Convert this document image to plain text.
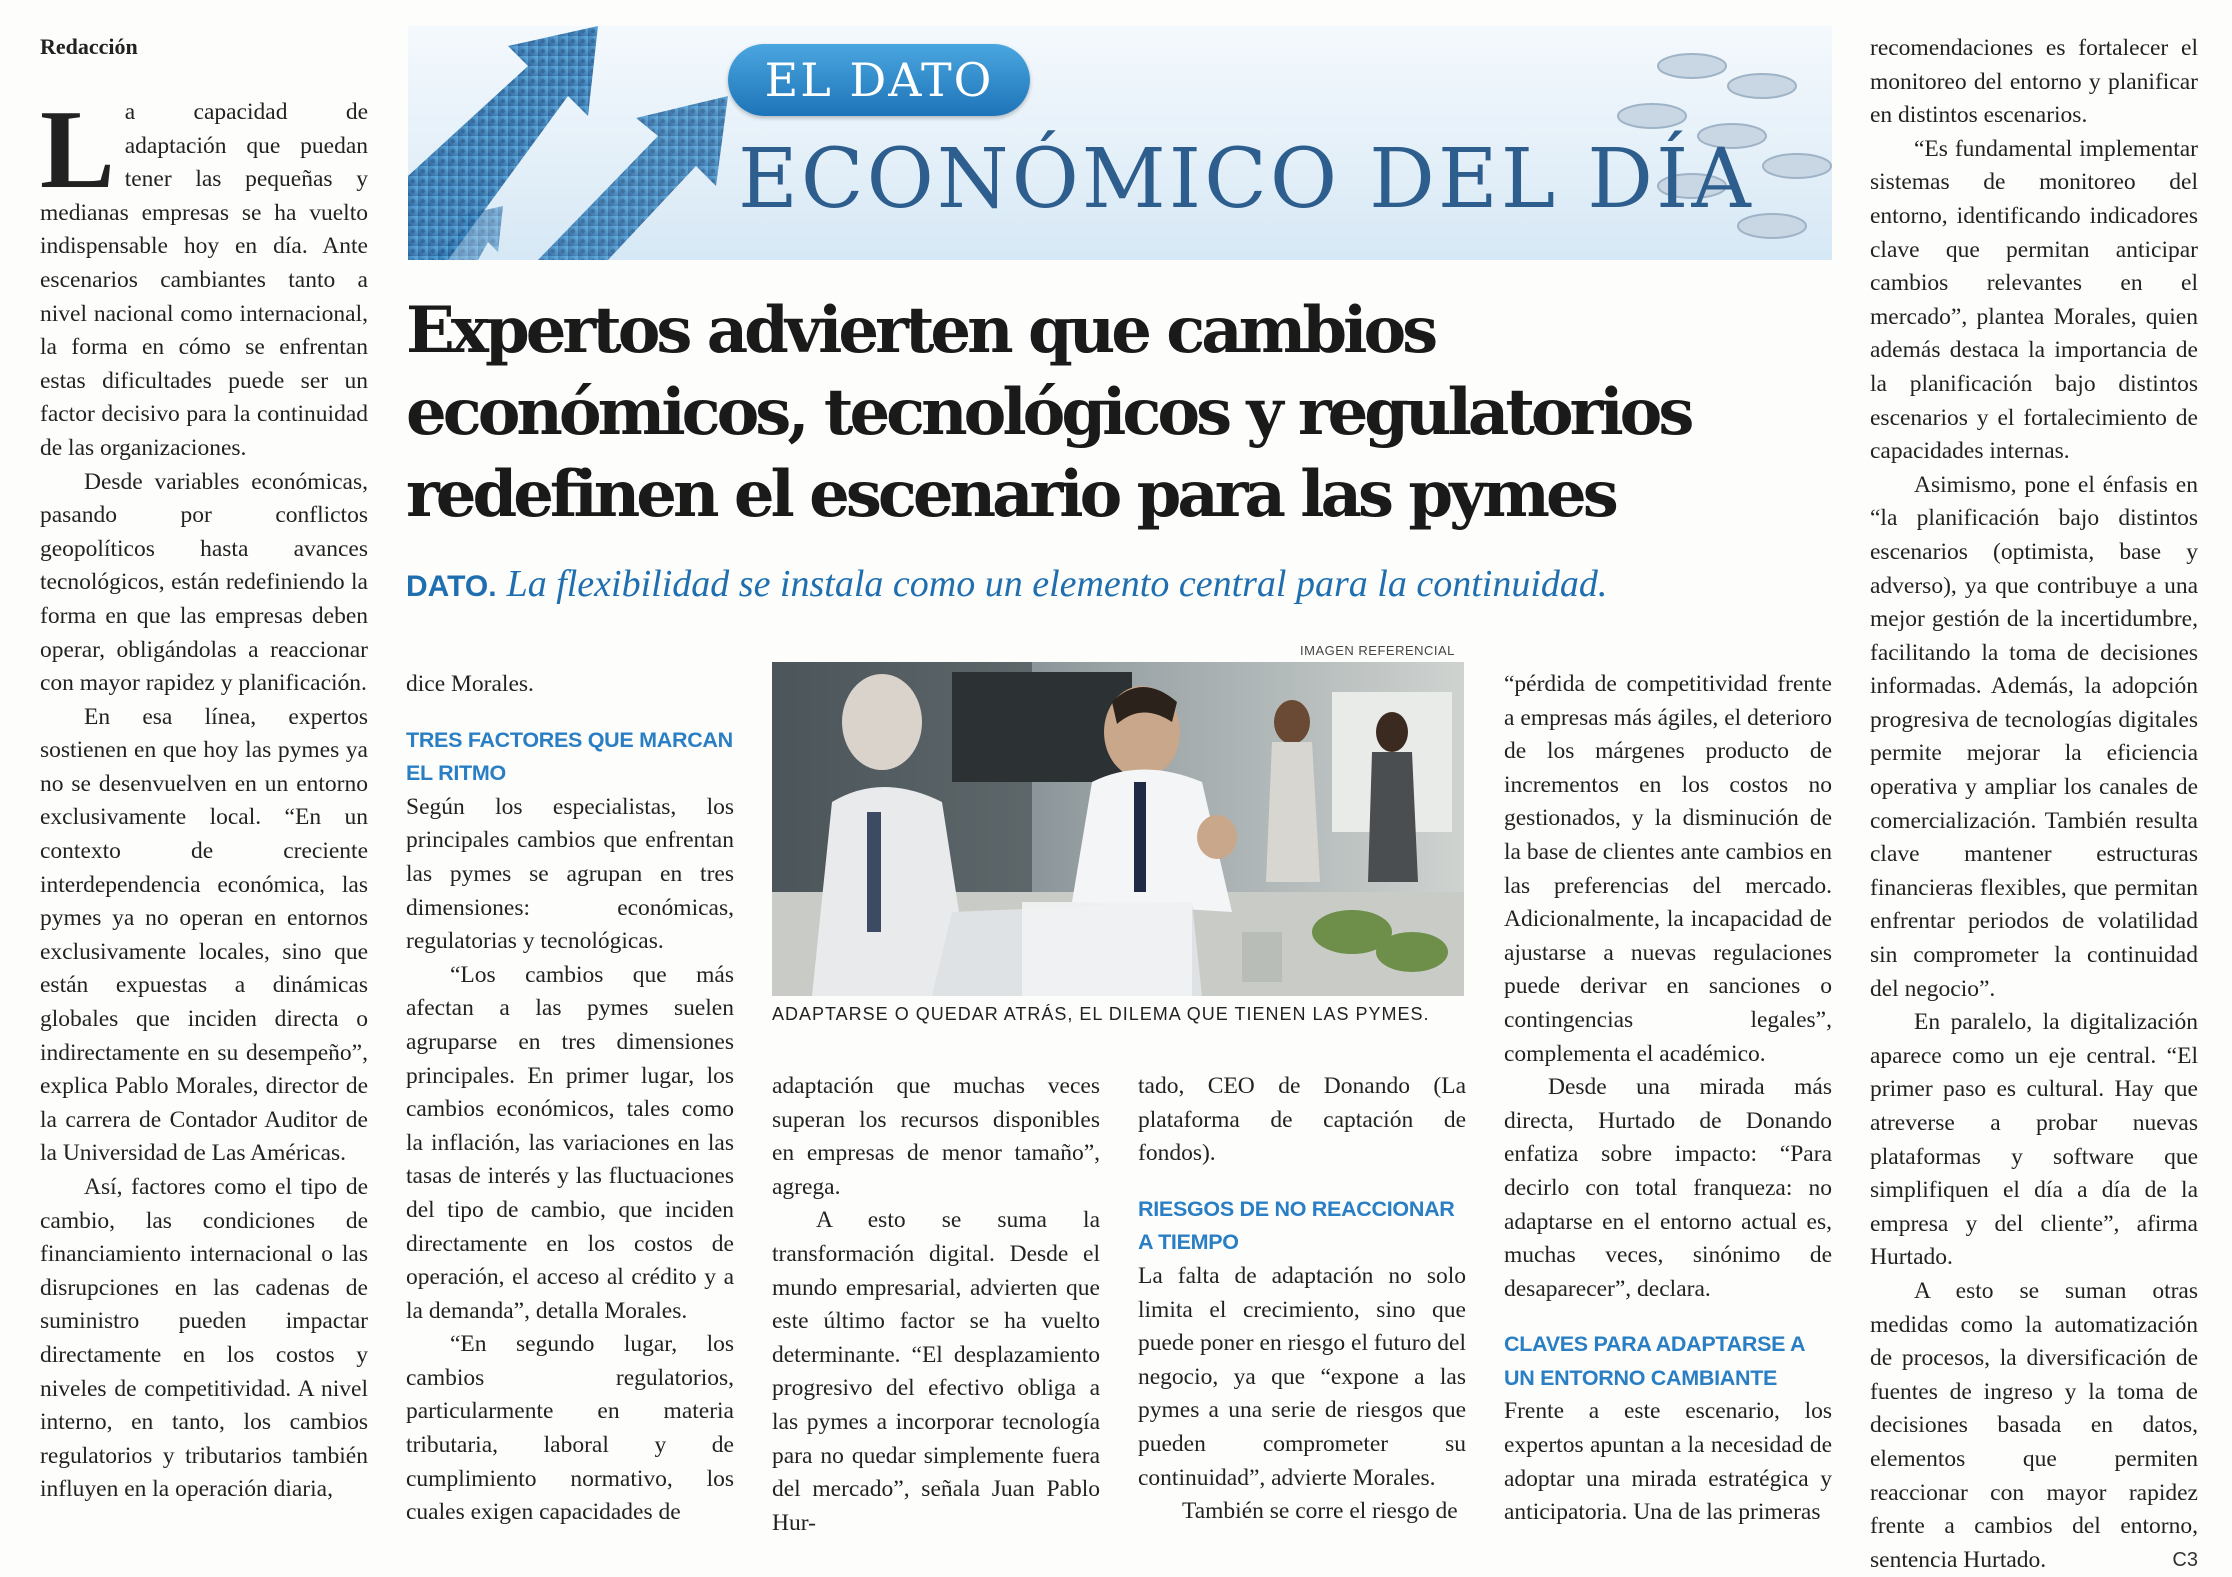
Redacción
EL DATO
ECONÓMICO DEL DÍA
Expertos advierten que cambios económicos, tecnológicos y regulatorios redefinen el escenario para las pymes
DATO. La flexibilidad se instala como un elemento central para la continuidad.

La capacidad de adaptación que puedan tener las pequeñas y medianas empresas se ha vuelto indispensable hoy en día. Ante escenarios cambiantes tanto a nivel nacional como internacional, la forma en cómo se enfrentan estas dificultades puede ser un factor decisivo para la continuidad de las organizaciones.

Desde variables económicas, pasando por conflictos geopolíticos hasta avances tecnológicos, están redefiniendo la forma en que las empresas deben operar, obligándolas a reaccionar con mayor rapidez y planificación.

En esa línea, expertos sostienen en que hoy las pymes ya no se desenvuelven en un entorno exclusivamente local. “En un contexto de creciente interdependencia económica, las pymes ya no operan en entornos exclusivamente locales, sino que están expuestas a dinámicas globales que inciden directa o indirectamente en su desempeño”, explica Pablo Morales, director de la carrera de Contador Auditor de la Universidad de Las Américas.

Así, factores como el tipo de cambio, las condiciones de financiamiento internacional o las disrupciones en las cadenas de suministro pueden impactar directamente en los costos y niveles de competitividad. A nivel interno, en tanto, los cambios regulatorios y tributarios también influyen en la operación diaria,

IMAGEN REFERENCIAL
ADAPTARSE O QUEDAR ATRÁS, EL DILEMA QUE TIENEN LAS PYMES.

dice Morales.

TRES FACTORES QUE MARCAN EL RITMO

Según los especialistas, los principales cambios que enfrentan las pymes se agrupan en tres dimensiones: económicas, regulatorias y tecnológicas.

“Los cambios que más afectan a las pymes suelen agruparse en tres dimensiones principales. En primer lugar, los cambios económicos, tales como la inflación, las variaciones en las tasas de interés y las fluctuaciones del tipo de cambio, que inciden directamente en los costos de operación, el acceso al crédito y a la demanda”, detalla Morales.

“En segundo lugar, los cambios regulatorios, particularmente en materia tributaria, laboral y de cumplimiento normativo, los cuales exigen capacidades de

adaptación que muchas veces superan los recursos disponibles en empresas de menor tamaño”, agrega.

A esto se suma la transformación digital. Desde el mundo empresarial, advierten que este último factor se ha vuelto determinante. “El desplazamiento progresivo del efectivo obliga a las pymes a incorporar tecnología para no quedar simplemente fuera del mercado”, señala Juan Pablo Hur-

tado, CEO de Donando (La plataforma de captación de fondos).

RIESGOS DE NO REACCIONAR A TIEMPO

La falta de adaptación no solo limita el crecimiento, sino que puede poner en riesgo el futuro del negocio, ya que “expone a las pymes a una serie de riesgos que pueden comprometer su continuidad”, advierte Morales.

También se corre el riesgo de

“pérdida de competitividad frente a empresas más ágiles, el deterioro de los márgenes producto de incrementos en los costos no gestionados, y la disminución de la base de clientes ante cambios en las preferencias del mercado. Adicionalmente, la incapacidad de ajustarse a nuevas regulaciones puede derivar en sanciones o contingencias legales”, complementa el académico.

Desde una mirada más directa, Hurtado de Donando enfatiza sobre impacto: “Para decirlo con total franqueza: no adaptarse en el entorno actual es, muchas veces, sinónimo de desaparecer”, declara.

CLAVES PARA ADAPTARSE A UN ENTORNO CAMBIANTE

Frente a este escenario, los expertos apuntan a la necesidad de adoptar una mirada estratégica y anticipatoria. Una de las primeras

recomendaciones es fortalecer el monitoreo del entorno y planificar en distintos escenarios.

“Es fundamental implementar sistemas de monitoreo del entorno, identificando indicadores clave que permitan anticipar cambios relevantes en el mercado”, plantea Morales, quien además destaca la importancia de la planificación bajo distintos escenarios y el fortalecimiento de capacidades internas.

Asimismo, pone el énfasis en “la planificación bajo distintos escenarios (optimista, base y adverso), ya que contribuye a una mejor gestión de la incertidumbre, facilitando la toma de decisiones informadas. Además, la adopción progresiva de tecnologías digitales permite mejorar la eficiencia operativa y ampliar los canales de comercialización. También resulta clave mantener estructuras financieras flexibles, que permitan enfrentar periodos de volatilidad sin comprometer la continuidad del negocio”.

En paralelo, la digitalización aparece como un eje central. “El primer paso es cultural. Hay que atreverse a probar nuevas plataformas y software que simplifiquen el día a día de la empresa y del cliente”, afirma Hurtado.

A esto se suman otras medidas como la automatización de procesos, la diversificación de fuentes de ingreso y la toma de decisiones basada en datos, elementos que permiten reaccionar con mayor rapidez frente a cambios del entorno, sentencia Hurtado.	C3
